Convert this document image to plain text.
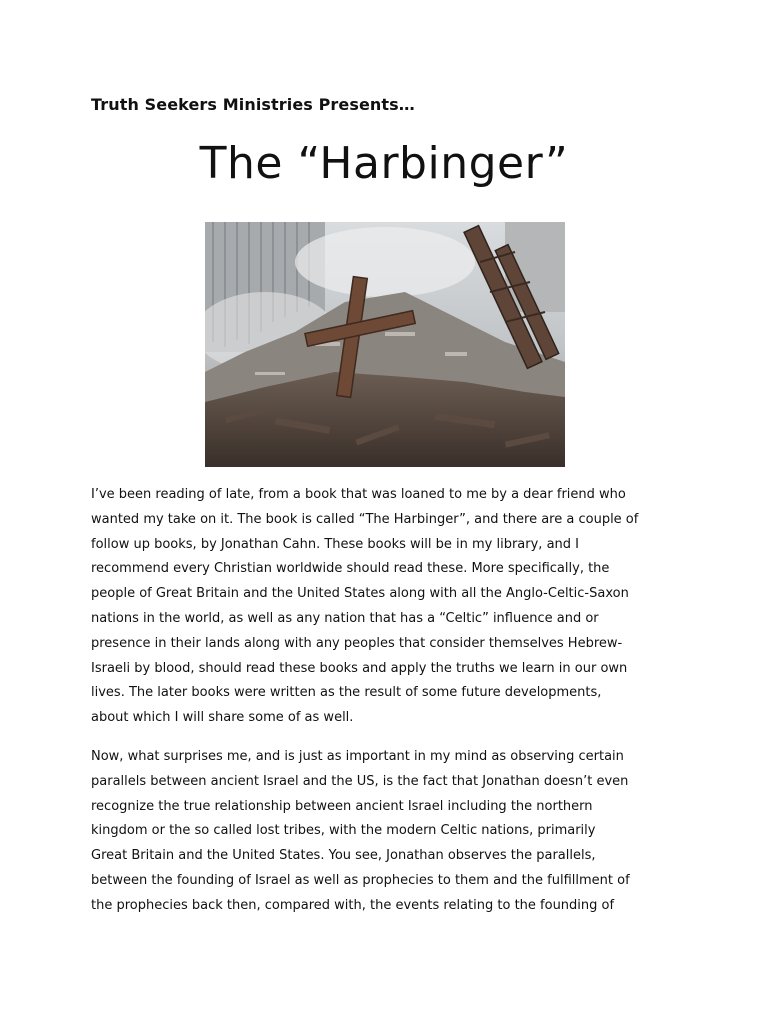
Truth Seekers Ministries Presents…
The “Harbinger”
I’ve been reading of late, from a book that was loaned to me by a dear friend who
wanted my take on it. The book is called “The Harbinger”, and there are a couple of
follow up books, by Jonathan Cahn. These books will be in my library, and I
recommend every Christian worldwide should read these. More specifically, the
people of Great Britain and the United States along with all the Anglo-Celtic-Saxon
nations in the world, as well as any nation that has a “Celtic” influence and or
presence in their lands along with any peoples that consider themselves Hebrew-
Israeli by blood, should read these books and apply the truths we learn in our own
lives. The later books were written as the result of some future developments,
about which I will share some of as well.
Now, what surprises me, and is just as important in my mind as observing certain
parallels between ancient Israel and the US, is the fact that Jonathan doesn’t even
recognize the true relationship between ancient Israel including the northern
kingdom or the so called lost tribes, with the modern Celtic nations, primarily
Great Britain and the United States. You see, Jonathan observes the parallels,
between the founding of Israel as well as prophecies to them and the fulfillment of
the prophecies back then, compared with, the events relating to the founding of
